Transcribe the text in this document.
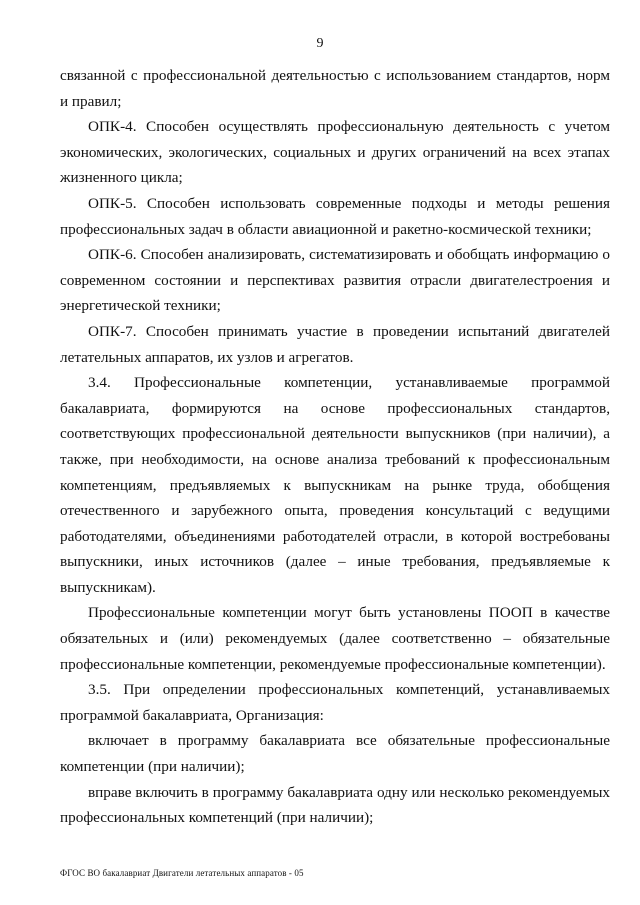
9

связанной с профессиональной деятельностью с использованием стандартов, норм и правил;

ОПК-4. Способен осуществлять профессиональную деятельность с учетом экономических, экологических, социальных и других ограничений на всех этапах жизненного цикла;

ОПК-5. Способен использовать современные подходы и методы решения профессиональных задач в области авиационной и ракетно-космической техники;

ОПК-6. Способен анализировать, систематизировать и обобщать информацию о современном состоянии и перспективах развития отрасли двигателестроения и энергетической техники;

ОПК-7. Способен принимать участие в проведении испытаний двигателей летательных аппаратов, их узлов и агрегатов.

3.4. Профессиональные компетенции, устанавливаемые программой бакалавриата, формируются на основе профессиональных стандартов, соответствующих профессиональной деятельности выпускников (при наличии), а также, при необходимости, на основе анализа требований к профессиональным компетенциям, предъявляемых к выпускникам на рынке труда, обобщения отечественного и зарубежного опыта, проведения консультаций с ведущими работодателями, объединениями работодателей отрасли, в которой востребованы выпускники, иных источников (далее – иные требования, предъявляемые к выпускникам).

Профессиональные компетенции могут быть установлены ПООП в качестве обязательных и (или) рекомендуемых (далее соответственно – обязательные профессиональные компетенции, рекомендуемые профессиональные компетенции).

3.5. При определении профессиональных компетенций, устанавливаемых программой бакалавриата, Организация:

включает в программу бакалавриата все обязательные профессиональные компетенции (при наличии);

вправе включить в программу бакалавриата одну или несколько рекомендуемых профессиональных компетенций (при наличии);

ФГОС ВО бакалавриат Двигатели летательных аппаратов - 05
